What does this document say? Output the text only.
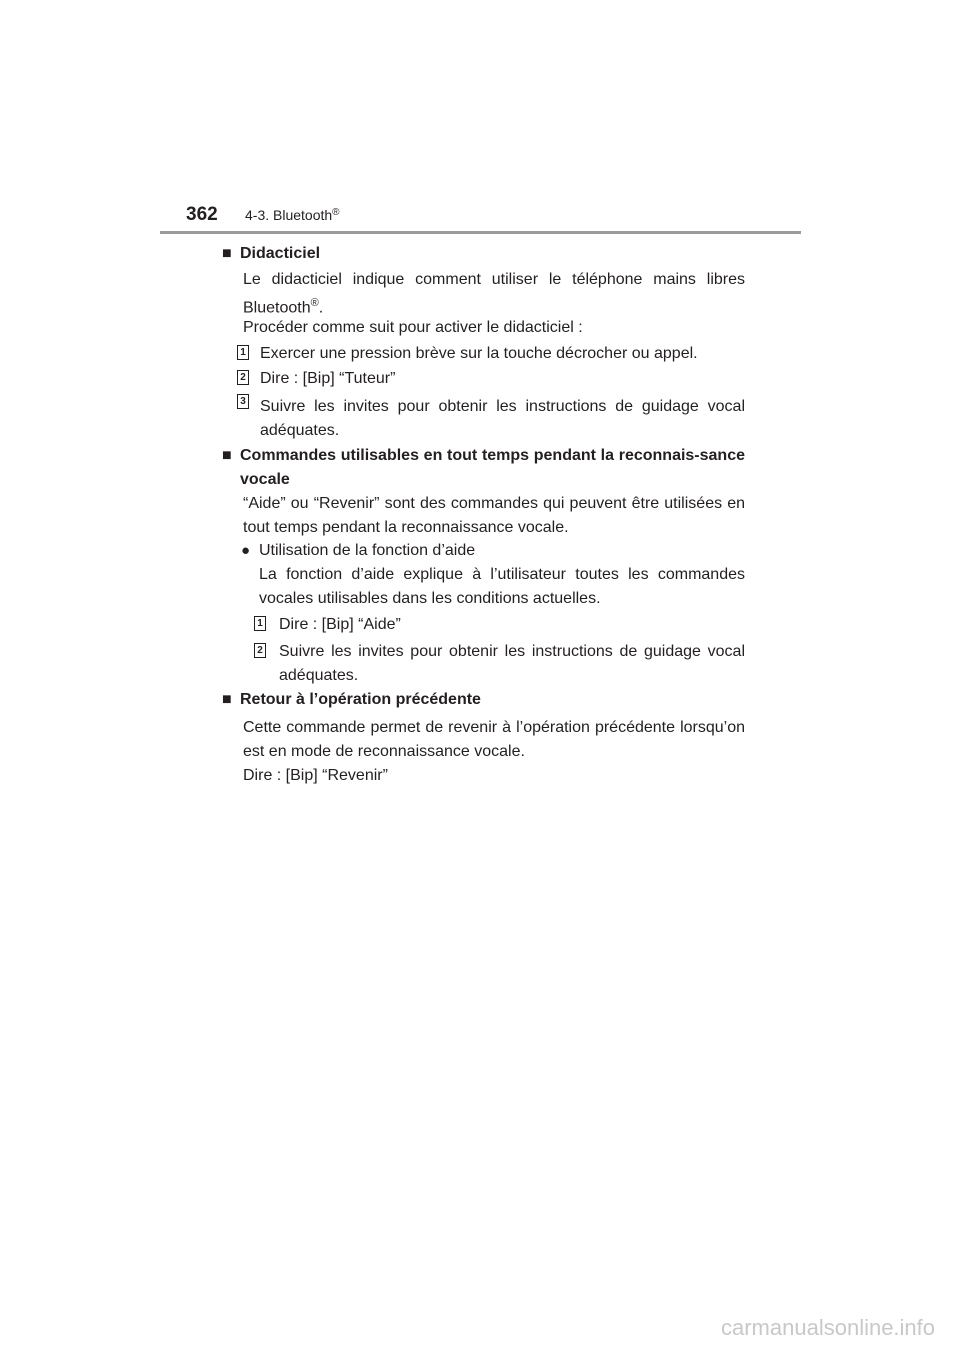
362 4-3. Bluetooth®
■ Didacticiel
Le didacticiel indique comment utiliser le téléphone mains libres Bluetooth®.
Procéder comme suit pour activer le didacticiel :
1 Exercer une pression brève sur la touche décrocher ou appel.
2 Dire : [Bip] “Tuteur”
3 Suivre les invites pour obtenir les instructions de guidage vocal adéquates.
■ Commandes utilisables en tout temps pendant la reconnais-sance vocale
“Aide” ou “Revenir” sont des commandes qui peuvent être utilisées en tout temps pendant la reconnaissance vocale.
● Utilisation de la fonction d’aide
La fonction d’aide explique à l’utilisateur toutes les commandes vocales utilisables dans les conditions actuelles.
1 Dire : [Bip] “Aide”
2 Suivre les invites pour obtenir les instructions de guidage vocal adéquates.
■ Retour à l’opération précédente
Cette commande permet de revenir à l’opération précédente lorsqu’on est en mode de reconnaissance vocale.
Dire : [Bip] “Revenir”
carmanualsonline.info
